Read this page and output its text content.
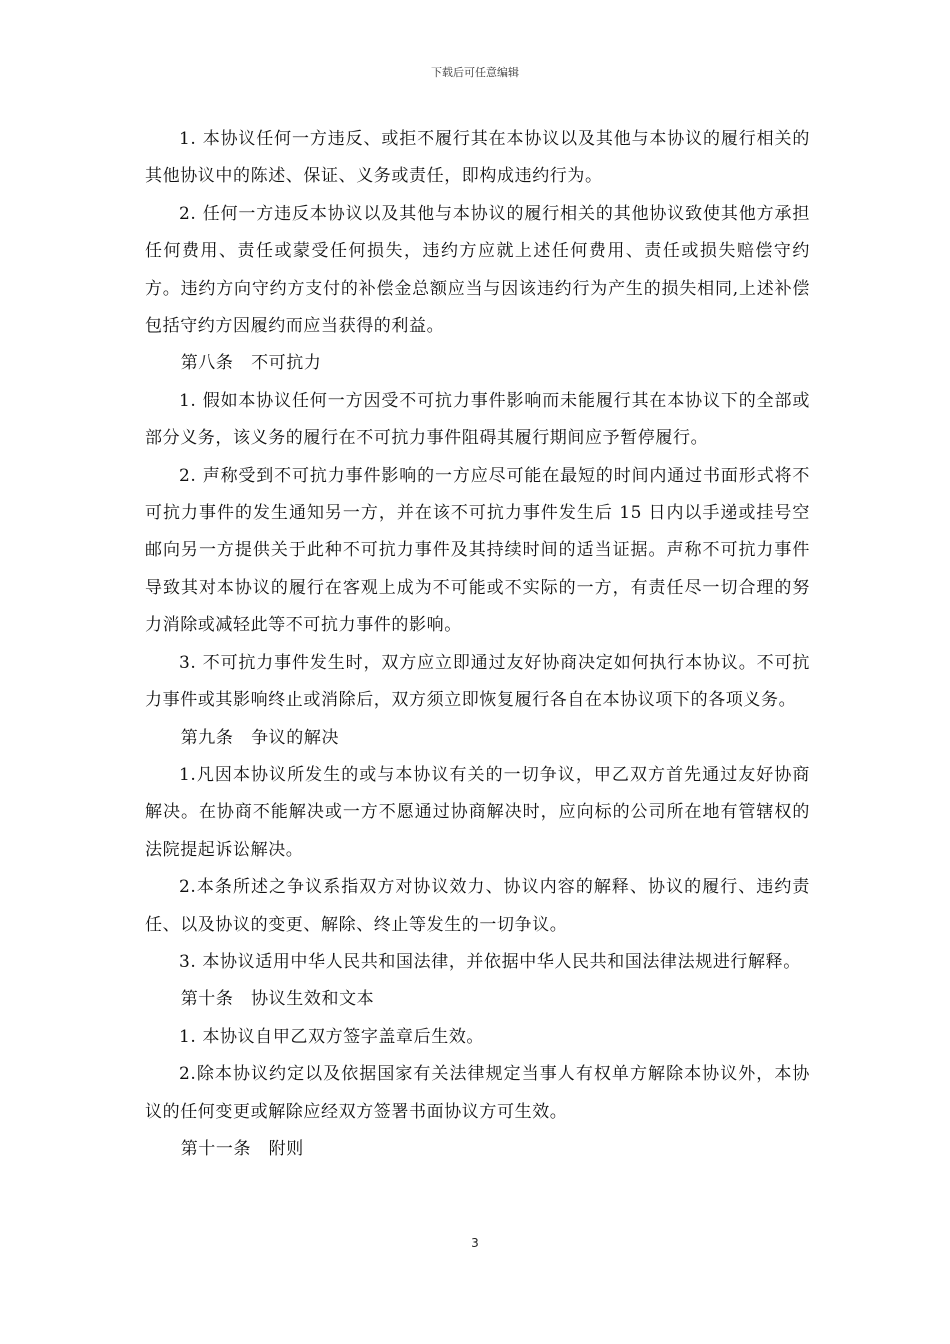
下载后可任意编辑

1. 本协议任何一方违反、或拒不履行其在本协议以及其他与本协议的履行相关的其他协议中的陈述、保证、义务或责任，即构成违约行为。

2. 任何一方违反本协议以及其他与本协议的履行相关的其他协议致使其他方承担任何费用、责任或蒙受任何损失，违约方应就上述任何费用、责任或损失赔偿守约方。违约方向守约方支付的补偿金总额应当与因该违约行为产生的损失相同,上述补偿包括守约方因履约而应当获得的利益。

第八条　不可抗力

1. 假如本协议任何一方因受不可抗力事件影响而未能履行其在本协议下的全部或部分义务，该义务的履行在不可抗力事件阻碍其履行期间应予暂停履行。

2. 声称受到不可抗力事件影响的一方应尽可能在最短的时间内通过书面形式将不可抗力事件的发生通知另一方，并在该不可抗力事件发生后 15 日内以手递或挂号空邮向另一方提供关于此种不可抗力事件及其持续时间的适当证据。声称不可抗力事件导致其对本协议的履行在客观上成为不可能或不实际的一方，有责任尽一切合理的努力消除或减轻此等不可抗力事件的影响。

3. 不可抗力事件发生时，双方应立即通过友好协商决定如何执行本协议。不可抗力事件或其影响终止或消除后，双方须立即恢复履行各自在本协议项下的各项义务。

第九条　争议的解决

1.凡因本协议所发生的或与本协议有关的一切争议，甲乙双方首先通过友好协商解决。在协商不能解决或一方不愿通过协商解决时，应向标的公司所在地有管辖权的法院提起诉讼解决。

2.本条所述之争议系指双方对协议效力、协议内容的解释、协议的履行、违约责任、以及协议的变更、解除、终止等发生的一切争议。

3. 本协议适用中华人民共和国法律，并依据中华人民共和国法律法规进行解释。

第十条　协议生效和文本

1. 本协议自甲乙双方签字盖章后生效。

2.除本协议约定以及依据国家有关法律规定当事人有权单方解除本协议外，本协议的任何变更或解除应经双方签署书面协议方可生效。

第十一条　附则

3
